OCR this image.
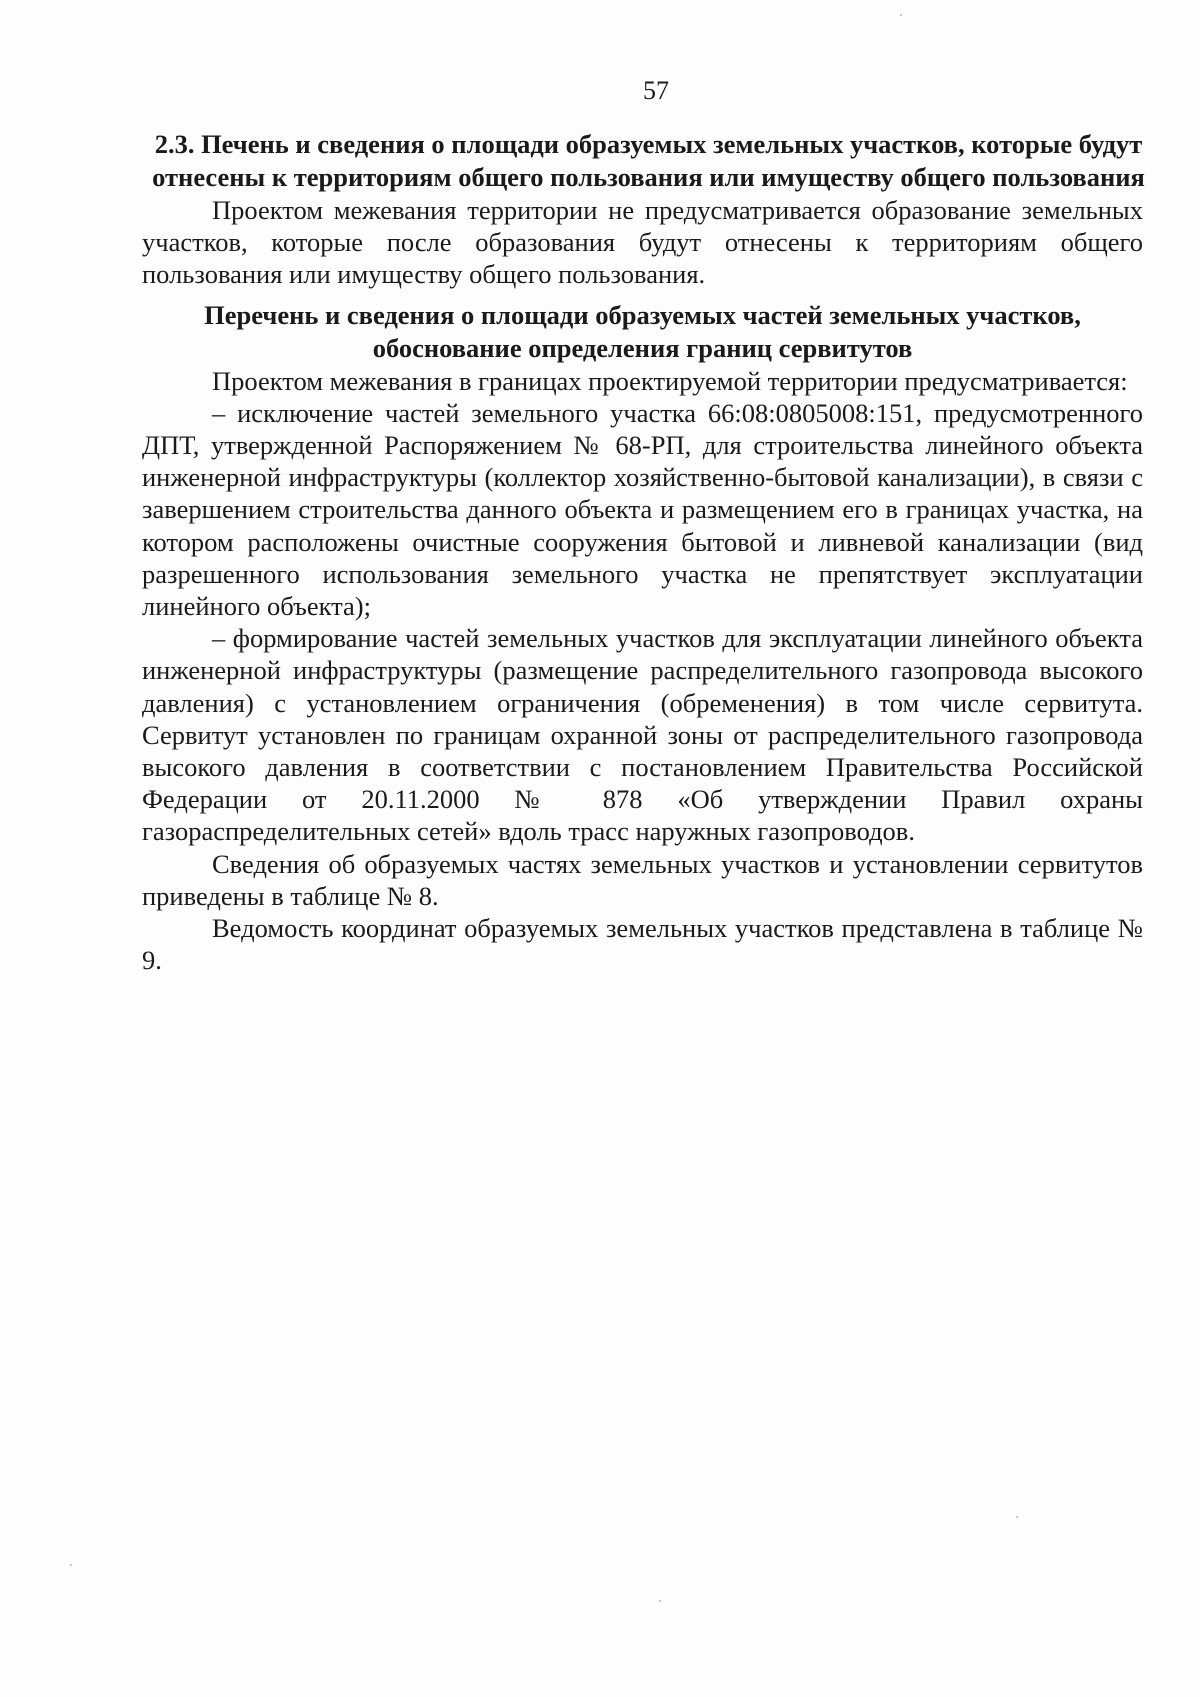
57
2.3. Печень и сведения о площади образуемых земельных участков, которые будут отнесены к территориям общего пользования или имуществу общего пользования

Проектом межевания территории не предусматривается образование земельных участков, которые после образования будут отнесены к территориям общего пользования или имуществу общего пользования.

Перечень и сведения о площади образуемых частей земельных участков, обоснование определения границ сервитутов

Проектом межевания в границах проектируемой территории предусматривается:

– исключение частей земельного участка 66:08:0805008:151, предусмотренного ДПТ, утвержденной Распоряжением № 68-РП, для строительства линейного объекта инженерной инфраструктуры (коллектор хозяйственно-бытовой канализации), в связи с завершением строительства данного объекта и размещением его в границах участка, на котором расположены очистные сооружения бытовой и ливневой канализации (вид разрешенного использования земельного участка не препятствует эксплуатации линейного объекта);

– формирование частей земельных участков для эксплуатации линейного объекта инженерной инфраструктуры (размещение распределительного газопровода высокого давления) с установлением ограничения (обременения) в том числе сервитута. Сервитут установлен по границам охранной зоны от распределительного газопровода высокого давления в соответствии с постановлением Правительства Российской Федерации от 20.11.2000 № 878 «Об утверждении Правил охраны газораспределительных сетей» вдоль трасс наружных газопроводов.

Сведения об образуемых частях земельных участков и установлении сервитутов приведены в таблице № 8.

Ведомость координат образуемых земельных участков представлена в таблице № 9.
